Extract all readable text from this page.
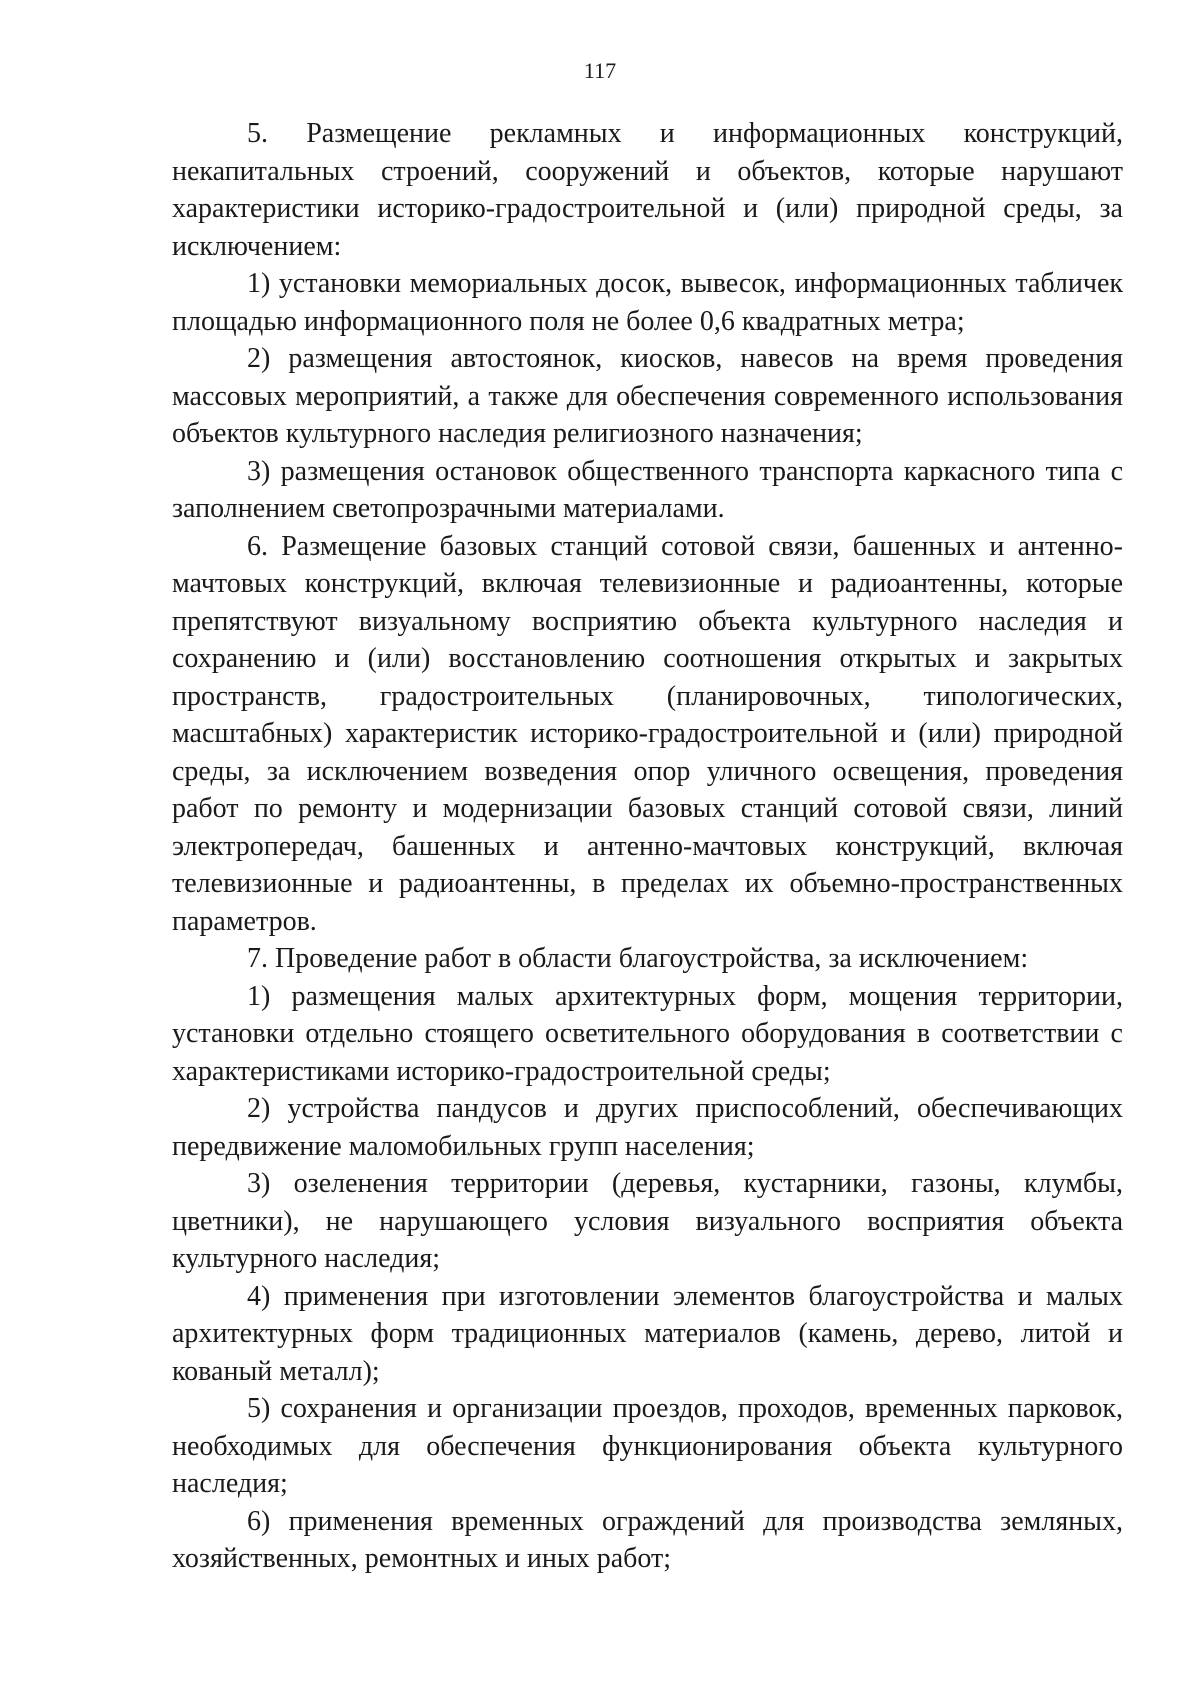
117

5. Размещение рекламных и информационных конструкций, некапитальных строений, сооружений и объектов, которые нарушают характеристики историко-градостроительной и (или) природной среды, за исключением:

1) установки мемориальных досок, вывесок, информационных табличек площадью информационного поля не более 0,6 квадратных метра;

2) размещения автостоянок, киосков, навесов на время проведения массовых мероприятий, а также для обеспечения современного использования объектов культурного наследия религиозного назначения;

3) размещения остановок общественного транспорта каркасного типа с заполнением светопрозрачными материалами.

6. Размещение базовых станций сотовой связи, башенных и антенно-мачтовых конструкций, включая телевизионные и радиоантенны, которые препятствуют визуальному восприятию объекта культурного наследия и сохранению и (или) восстановлению соотношения открытых и закрытых пространств, градостроительных (планировочных, типологических, масштабных) характеристик историко-градостроительной и (или) природной среды, за исключением возведения опор уличного освещения, проведения работ по ремонту и модернизации базовых станций сотовой связи, линий электропередач, башенных и антенно-мачтовых конструкций, включая телевизионные и радиоантенны, в пределах их объемно-пространственных параметров.

7. Проведение работ в области благоустройства, за исключением:

1) размещения малых архитектурных форм, мощения территории, установки отдельно стоящего осветительного оборудования в соответствии с характеристиками историко-градостроительной среды;

2) устройства пандусов и других приспособлений, обеспечивающих передвижение маломобильных групп населения;

3) озеленения территории (деревья, кустарники, газоны, клумбы, цветники), не нарушающего условия визуального восприятия объекта культурного наследия;

4) применения при изготовлении элементов благоустройства и малых архитектурных форм традиционных материалов (камень, дерево, литой и кованый металл);

5) сохранения и организации проездов, проходов, временных парковок, необходимых для обеспечения функционирования объекта культурного наследия;

6) применения временных ограждений для производства земляных, хозяйственных, ремонтных и иных работ;
